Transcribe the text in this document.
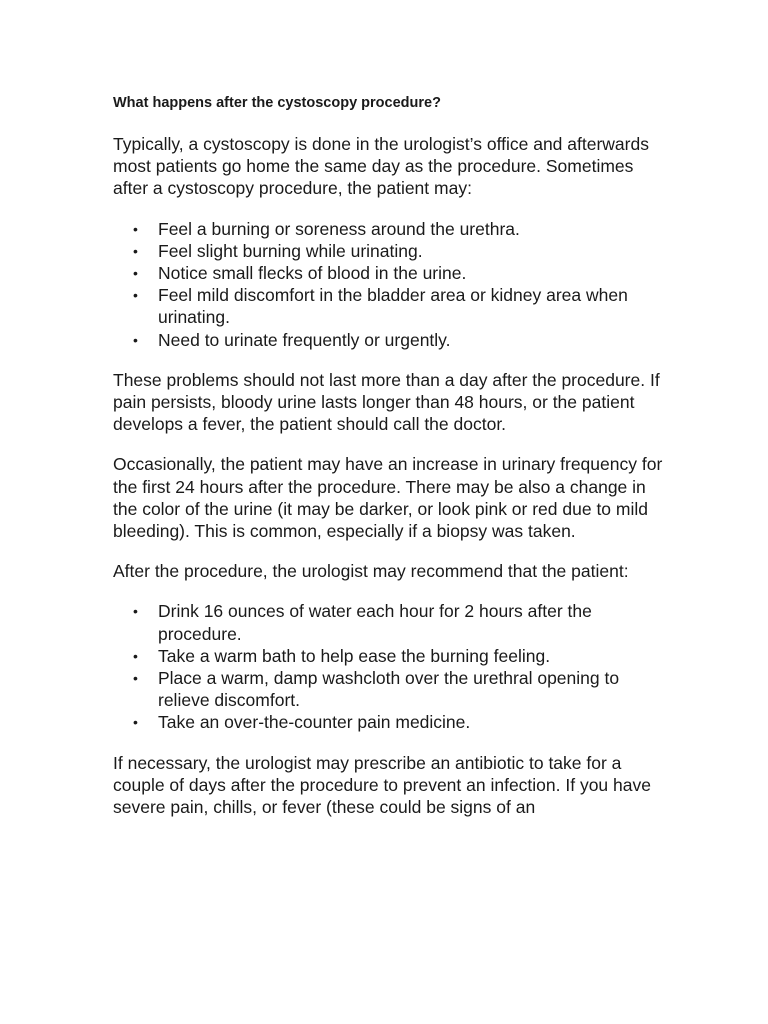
What happens after the cystoscopy procedure?

Typically, a cystoscopy is done in the urologist’s office and afterwards most patients go home the same day as the procedure. Sometimes after a cystoscopy procedure, the patient may:

• Feel a burning or soreness around the urethra.
• Feel slight burning while urinating.
• Notice small flecks of blood in the urine.
• Feel mild discomfort in the bladder area or kidney area when urinating.
• Need to urinate frequently or urgently.

These problems should not last more than a day after the procedure. If pain persists, bloody urine lasts longer than 48 hours, or the patient develops a fever, the patient should call the doctor.

Occasionally, the patient may have an increase in urinary frequency for the first 24 hours after the procedure. There may be also a change in the color of the urine (it may be darker, or look pink or red due to mild bleeding). This is common, especially if a biopsy was taken.

After the procedure, the urologist may recommend that the patient:

• Drink 16 ounces of water each hour for 2 hours after the procedure.
• Take a warm bath to help ease the burning feeling.
• Place a warm, damp washcloth over the urethral opening to relieve discomfort.
• Take an over-the-counter pain medicine.

If necessary, the urologist may prescribe an antibiotic to take for a couple of days after the procedure to prevent an infection. If you have severe pain, chills, or fever (these could be signs of an
